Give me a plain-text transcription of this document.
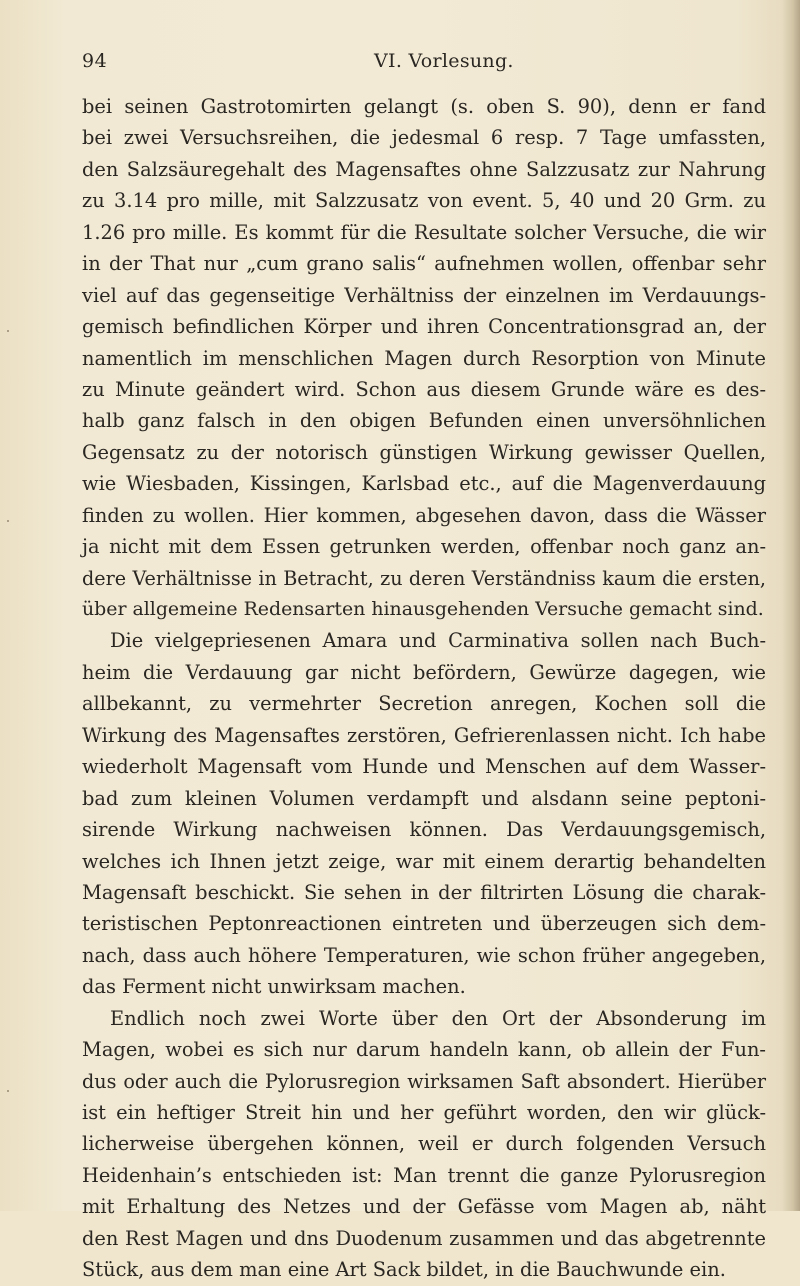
94	VI. Vorlesung.
bei seinen Gastrotomirten gelangt (s. oben S. 90), denn er fand
bei zwei Versuchsreihen, die jedesmal 6 resp. 7 Tage umfassten,
den Salzsäuregehalt des Magensaftes ohne Salzzusatz zur Nahrung
zu 3.14 pro mille, mit Salzzusatz von event. 5, 40 und 20 Grm. zu
1.26 pro mille. Es kommt für die Resultate solcher Versuche, die wir
in der That nur „cum grano salis“ aufnehmen wollen, offenbar sehr
viel auf das gegenseitige Verhältniss der einzelnen im Verdauungs-
gemisch befindlichen Körper und ihren Concentrationsgrad an, der
namentlich im menschlichen Magen durch Resorption von Minute
zu Minute geändert wird. Schon aus diesem Grunde wäre es des-
halb ganz falsch in den obigen Befunden einen unversöhnlichen
Gegensatz zu der notorisch günstigen Wirkung gewisser Quellen,
wie Wiesbaden, Kissingen, Karlsbad etc., auf die Magenverdauung
finden zu wollen. Hier kommen, abgesehen davon, dass die Wässer
ja nicht mit dem Essen getrunken werden, offenbar noch ganz an-
dere Verhältnisse in Betracht, zu deren Verständniss kaum die ersten,
über allgemeine Redensarten hinausgehenden Versuche gemacht sind.
Die vielgepriesenen Amara und Carminativa sollen nach Buch-
heim die Verdauung gar nicht befördern, Gewürze dagegen, wie
allbekannt, zu vermehrter Secretion anregen, Kochen soll die
Wirkung des Magensaftes zerstören, Gefrierenlassen nicht. Ich habe
wiederholt Magensaft vom Hunde und Menschen auf dem Wasser-
bad zum kleinen Volumen verdampft und alsdann seine peptoni-
sirende Wirkung nachweisen können. Das Verdauungsgemisch,
welches ich Ihnen jetzt zeige, war mit einem derartig behandelten
Magensaft beschickt. Sie sehen in der filtrirten Lösung die charak-
teristischen Peptonreactionen eintreten und überzeugen sich dem-
nach, dass auch höhere Temperaturen, wie schon früher angegeben,
das Ferment nicht unwirksam machen.
Endlich noch zwei Worte über den Ort der Absonderung im
Magen, wobei es sich nur darum handeln kann, ob allein der Fun-
dus oder auch die Pylorusregion wirksamen Saft absondert. Hierüber
ist ein heftiger Streit hin und her geführt worden, den wir glück-
licherweise übergehen können, weil er durch folgenden Versuch
Heidenhain’s entschieden ist: Man trennt die ganze Pylorusregion
mit Erhaltung des Netzes und der Gefässe vom Magen ab, näht
den Rest Magen und dns Duodenum zusammen und das abgetrennte
Stück, aus dem man eine Art Sack bildet, in die Bauchwunde ein.
